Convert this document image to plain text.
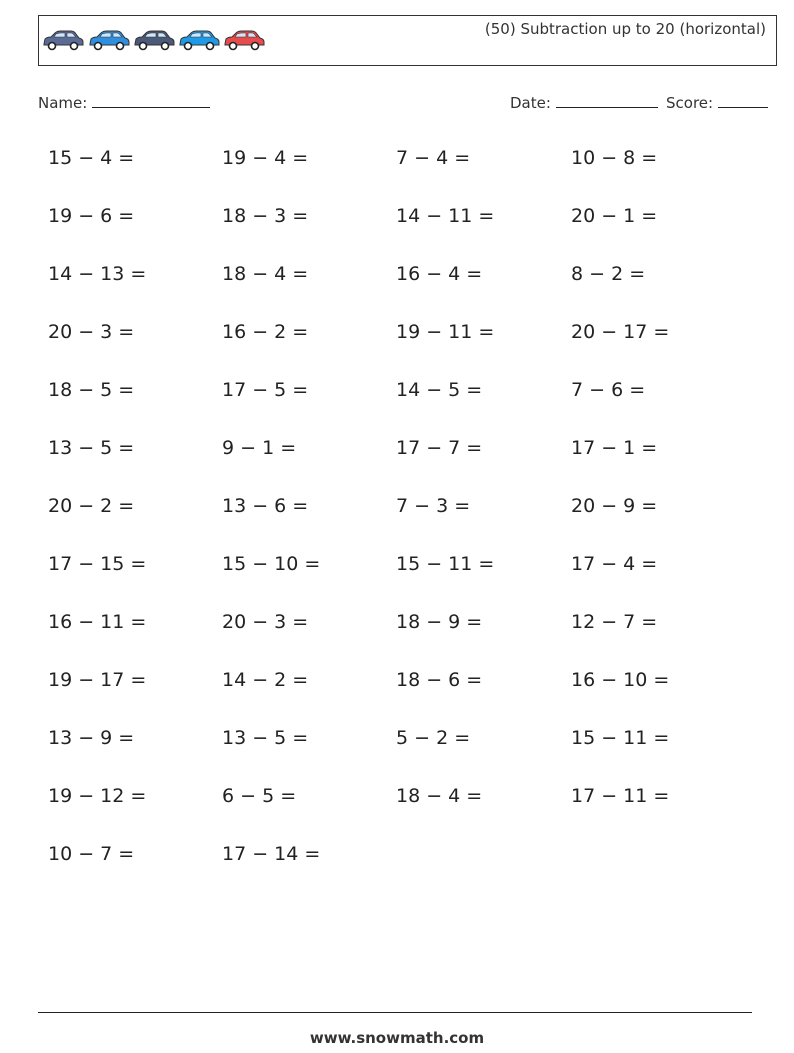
(50) Subtraction up to 20 (horizontal)
Name:	Date:	Score:
15 − 4 =	19 − 4 =	7 − 4 =	10 − 8 =
19 − 6 =	18 − 3 =	14 − 11 =	20 − 1 =
14 − 13 =	18 − 4 =	16 − 4 =	8 − 2 =
20 − 3 =	16 − 2 =	19 − 11 =	20 − 17 =
18 − 5 =	17 − 5 =	14 − 5 =	7 − 6 =
13 − 5 =	9 − 1 =	17 − 7 =	17 − 1 =
20 − 2 =	13 − 6 =	7 − 3 =	20 − 9 =
17 − 15 =	15 − 10 =	15 − 11 =	17 − 4 =
16 − 11 =	20 − 3 =	18 − 9 =	12 − 7 =
19 − 17 =	14 − 2 =	18 − 6 =	16 − 10 =
13 − 9 =	13 − 5 =	5 − 2 =	15 − 11 =
19 − 12 =	6 − 5 =	18 − 4 =	17 − 11 =
10 − 7 =	17 − 14 =
www.snowmath.com
